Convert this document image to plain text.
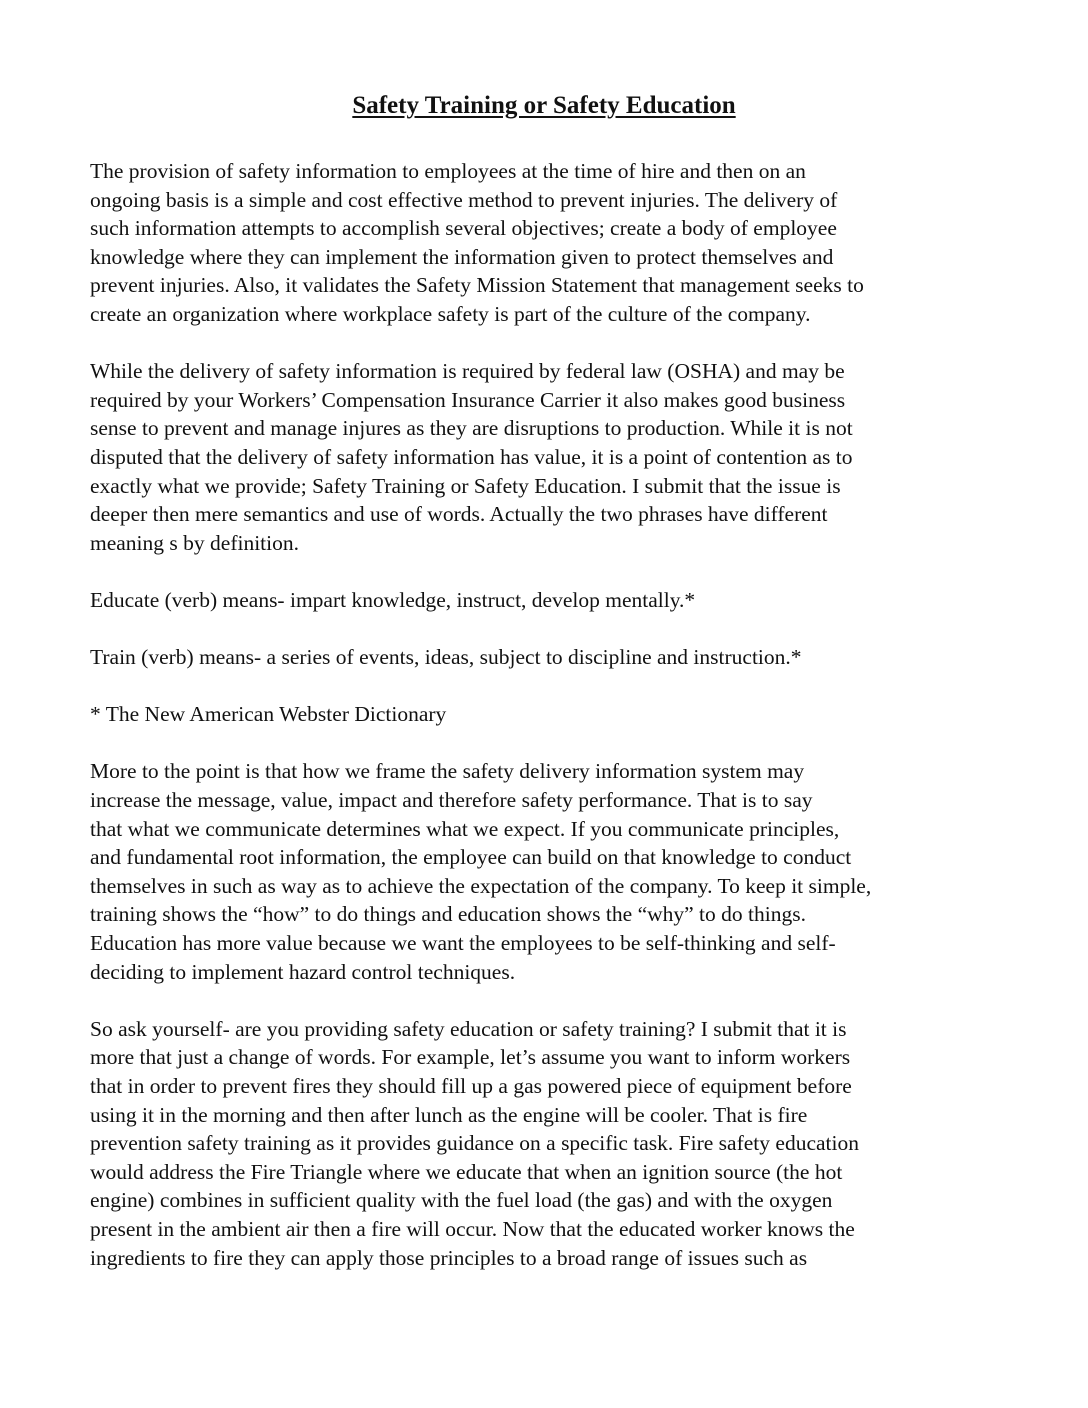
Safety Training or Safety Education

The provision of safety information to employees at the time of hire and then on an
ongoing basis is a simple and cost effective method to prevent injuries. The delivery of
such information attempts to accomplish several objectives; create a body of employee
knowledge where they can implement the information given to protect themselves and
prevent injuries. Also, it validates the Safety Mission Statement that management seeks to
create an organization where workplace safety is part of the culture of the company.

While the delivery of safety information is required by federal law (OSHA) and may be
required by your Workers’ Compensation Insurance Carrier it also makes good business
sense to prevent and manage injures as they are disruptions to production. While it is not
disputed that the delivery of safety information has value, it is a point of contention as to
exactly what we provide; Safety Training or Safety Education. I submit that the issue is
deeper then mere semantics and use of words. Actually the two phrases have different
meaning s by definition.

Educate (verb) means- impart knowledge, instruct, develop mentally.*

Train (verb) means- a series of events, ideas, subject to discipline and instruction.*

* The New American Webster Dictionary

More to the point is that how we frame the safety delivery information system may
increase the message, value, impact and therefore safety performance. That is to say
that what we communicate determines what we expect. If you communicate principles,
and fundamental root information, the employee can build on that knowledge to conduct
themselves in such as way as to achieve the expectation of the company. To keep it simple,
training shows the “how” to do things and education shows the “why” to do things.
Education has more value because we want the employees to be self-thinking and self-
deciding to implement hazard control techniques.

So ask yourself- are you providing safety education or safety training? I submit that it is
more that just a change of words. For example, let’s assume you want to inform workers
that in order to prevent fires they should fill up a gas powered piece of equipment before
using it in the morning and then after lunch as the engine will be cooler. That is fire
prevention safety training as it provides guidance on a specific task. Fire safety education
would address the Fire Triangle where we educate that when an ignition source (the hot
engine) combines in sufficient quality with the fuel load (the gas) and with the oxygen
present in the ambient air then a fire will occur. Now that the educated worker knows the
ingredients to fire they can apply those principles to a broad range of issues such as
